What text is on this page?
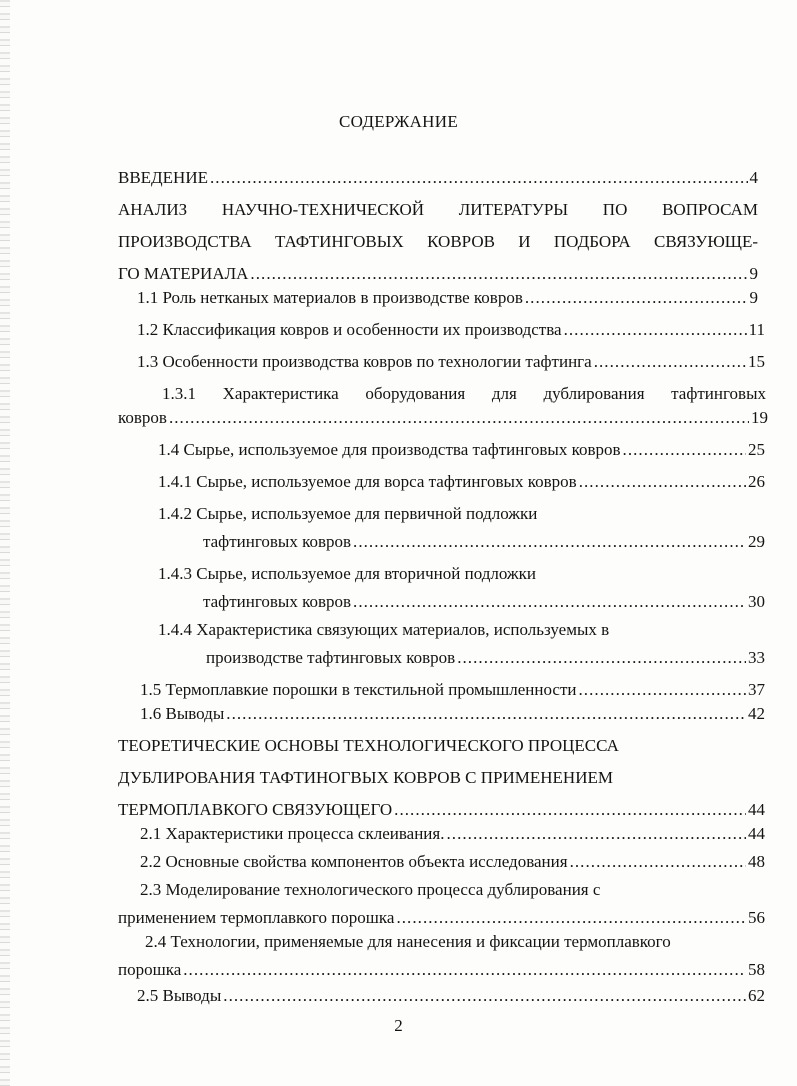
СОДЕРЖАНИЕ
ВВЕДЕНИЕ . . .	4
АНАЛИЗ НАУЧНО-ТЕХНИЧЕСКОЙ ЛИТЕРАТУРЫ ПО ВОПРОСАМ
ПРОИЗВОДСТВА ТАФТИНГОВЫХ КОВРОВ И ПОДБОРА СВЯЗУЮЩЕ-
ГО МАТЕРИАЛА . . .	9
1.1 Роль нетканых материалов в производстве ковров . . .	9
1.2 Классификация ковров и особенности их производства . . .	11
1.3 Особенности производства ковров по технологии тафтинга . . .	15
1.3.1 Характеристика оборудования для дублирования тафтинговых
ковров . . .	19
1.4 Сырье, используемое для производства тафтинговых ковров . . .	25
1.4.1 Сырье, используемое для ворса тафтинговых ковров . . .	26
1.4.2 Сырье, используемое для первичной подложки
тафтинговых ковров . . .	29
1.4.3 Сырье, используемое для вторичной подложки
тафтинговых ковров . . .	30
1.4.4 Характеристика связующих материалов, используемых в
производстве тафтинговых ковров . . .	33
1.5 Термоплавкие порошки в текстильной промышленности . . .	37
1.6 Выводы . . .	42
ТЕОРЕТИЧЕСКИЕ ОСНОВЫ ТЕХНОЛОГИЧЕСКОГО ПРОЦЕССА
ДУБЛИРОВАНИЯ ТАФТИНОГВЫХ КОВРОВ С ПРИМЕНЕНИЕМ
ТЕРМОПЛАВКОГО СВЯЗУЮЩЕГО . . .	44
2.1 Характеристики процесса склеивания. . . .	44
2.2 Основные свойства компонентов объекта исследования . . .	48
2.3 Моделирование технологического процесса дублирования с
применением термоплавкого порошка . . .	56
2.4 Технологии, применяемые для нанесения и фиксации термоплавкого
порошка . . .	58
2
2.5 Выводы . . .	62
